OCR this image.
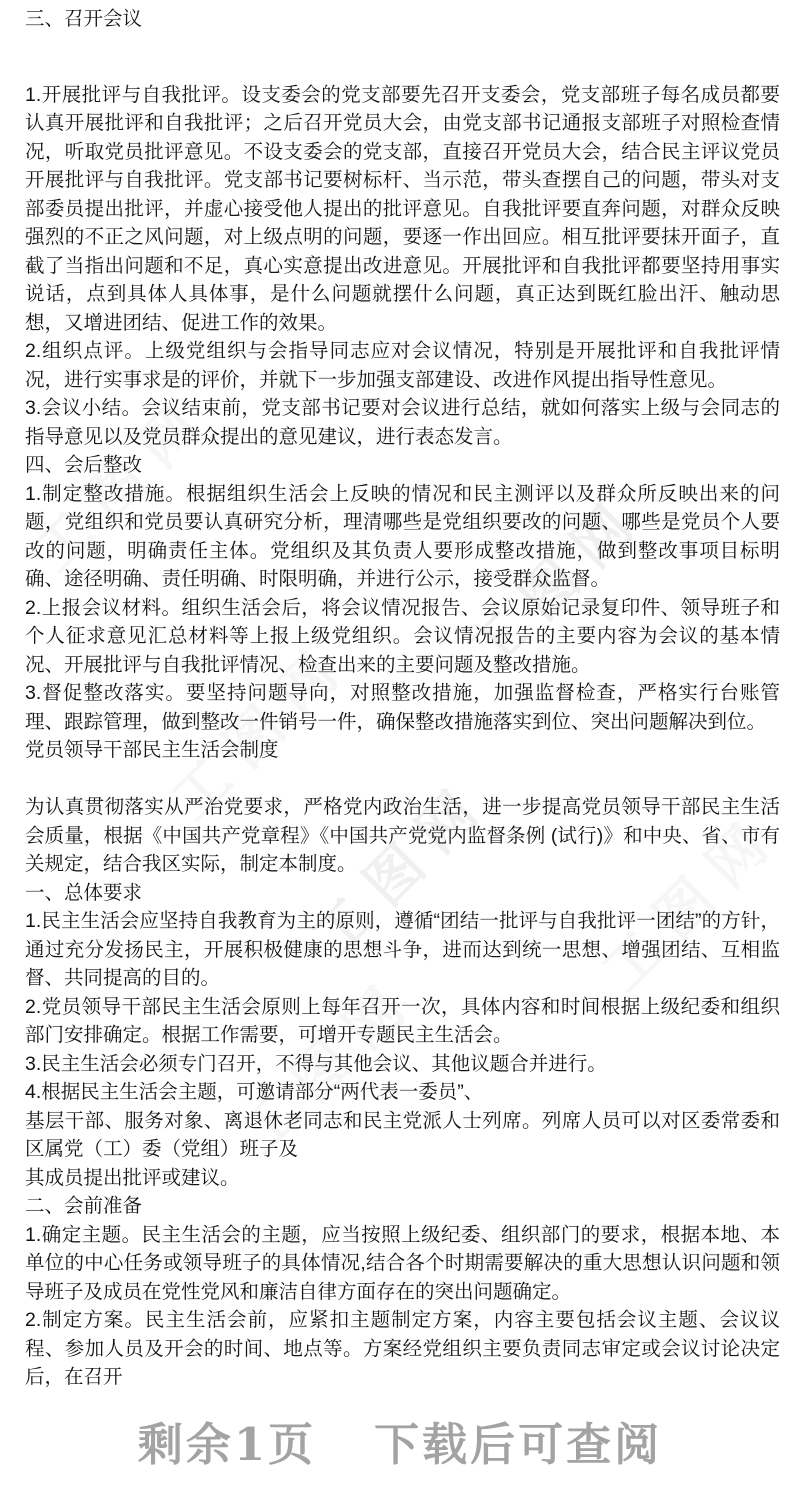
工图网
工图网

三、召开会议

1.开展批评与自我批评。设支委会的党支部要先召开支委会，党支部班子每名成员都要认真开展批评和自我批评；之后召开党员大会，由党支部书记通报支部班子对照检查情况，听取党员批评意见。不设支委会的党支部，直接召开党员大会，结合民主评议党员开展批评与自我批评。党支部书记要树标杆、当示范，带头查摆自己的问题，带头对支部委员提出批评，并虚心接受他人提出的批评意见。自我批评要直奔问题，对群众反映强烈的不正之风问题，对上级点明的问题，要逐一作出回应。相互批评要抹开面子，直截了当指出问题和不足，真心实意提出改进意见。开展批评和自我批评都要坚持用事实说话，点到具体人具体事，是什么问题就摆什么问题，真正达到既红脸出汗、触动思想，又增进团结、促进工作的效果。

2.组织点评。上级党组织与会指导同志应对会议情况，特别是开展批评和自我批评情况，进行实事求是的评价，并就下一步加强支部建设、改进作风提出指导性意见。

3.会议小结。会议结束前，党支部书记要对会议进行总结，就如何落实上级与会同志的指导意见以及党员群众提出的意见建议，进行表态发言。

四、会后整改

1.制定整改措施。根据组织生活会上反映的情况和民主测评以及群众所反映出来的问题，党组织和党员要认真研究分析，理清哪些是党组织要改的问题、哪些是党员个人要改的问题，明确责任主体。党组织及其负责人要形成整改措施，做到整改事项目标明确、途径明确、责任明确、时限明确，并进行公示，接受群众监督。

2.上报会议材料。组织生活会后，将会议情况报告、会议原始记录复印件、领导班子和个人征求意见汇总材料等上报上级党组织。会议情况报告的主要内容为会议的基本情况、开展批评与自我批评情况、检查出来的主要问题及整改措施。

3.督促整改落实。要坚持问题导向，对照整改措施，加强监督检查，严格实行台账管理、跟踪管理，做到整改一件销号一件，确保整改措施落实到位、突出问题解决到位。

党员领导干部民主生活会制度

为认真贯彻落实从严治党要求，严格党内政治生活，进一步提高党员领导干部民主生活会质量，根据《中国共产党章程》《中国共产党党内监督条例 (试行)》和中央、省、市有关规定，结合我区实际，制定本制度。

一、总体要求

1.民主生活会应坚持自我教育为主的原则，遵循“团结一批评与自我批评一团结”的方针，通过充分发扬民主，开展积极健康的思想斗争，进而达到统一思想、增强团结、互相监督、共同提高的目的。

2.党员领导干部民主生活会原则上每年召开一次，具体内容和时间根据上级纪委和组织部门安排确定。根据工作需要，可增开专题民主生活会。

3.民主生活会必须专门召开，不得与其他会议、其他议题合并进行。

4.根据民主生活会主题，可邀请部分“两代表一委员”、

基层干部、服务对象、离退休老同志和民主党派人士列席。列席人员可以对区委常委和区属党（工）委（党组）班子及

其成员提出批评或建议。

二、会前准备

1.确定主题。民主生活会的主题，应当按照上级纪委、组织部门的要求，根据本地、本单位的中心任务或领导班子的具体情况,结合各个时期需要解决的重大思想认识问题和领导班子及成员在党性党风和廉洁自律方面存在的突出问题确定。

2.制定方案。民主生活会前，应紧扣主题制定方案，内容主要包括会议主题、会议议程、参加人员及开会的时间、地点等。方案经党组织主要负责同志审定或会议讨论决定后，在召开

剩余1页 下载后可查阅
